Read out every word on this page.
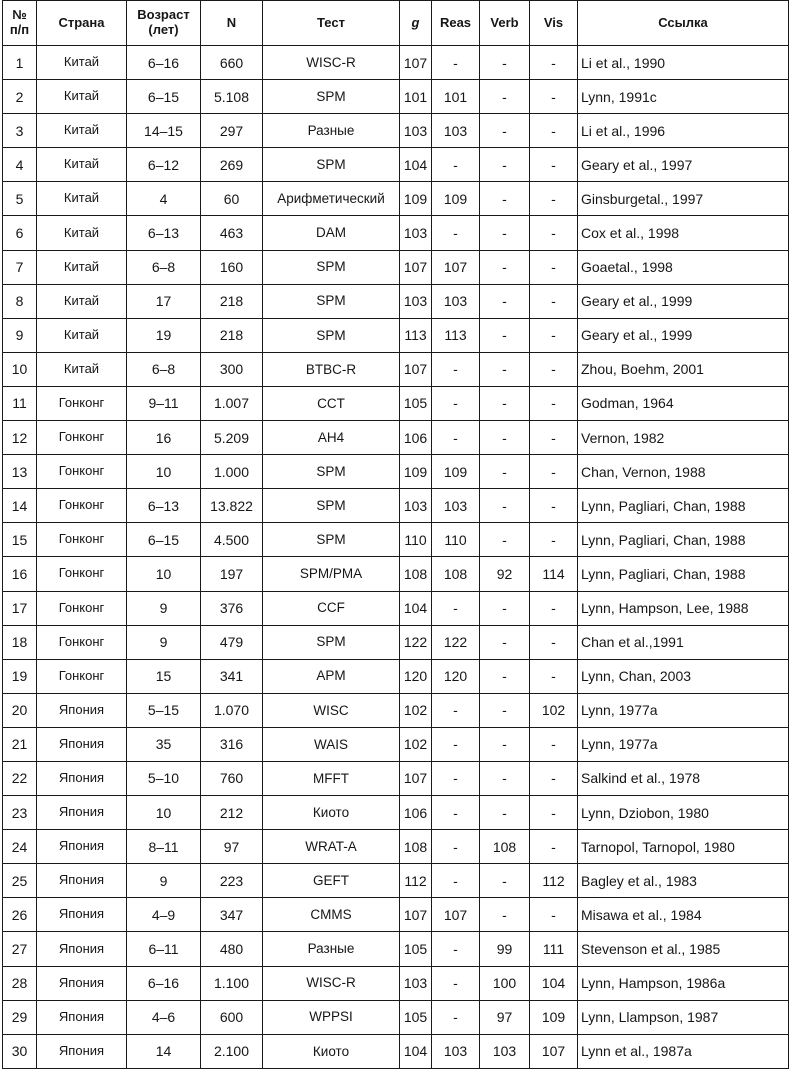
№ п/п	Страна	Возраст (лет)	N	Тест	g	Reas	Verb	Vis	Ссылка
1	Китай	6–16	660	WISC-R	107	-	-	-	Li et al., 1990
2	Китай	6–15	5.108	SPM	101	101	-	-	Lynn, 1991c
3	Китай	14–15	297	Разные	103	103	-	-	Li et al., 1996
4	Китай	6–12	269	SPM	104	-	-	-	Geary et al., 1997
5	Китай	4	60	Арифметический	109	109	-	-	Ginsburgetal., 1997
6	Китай	6–13	463	DAM	103	-	-	-	Cox et al., 1998
7	Китай	6–8	160	SPM	107	107	-	-	Goaetal., 1998
8	Китай	17	218	SPM	103	103	-	-	Geary et al., 1999
9	Китай	19	218	SPM	113	113	-	-	Geary et al., 1999
10	Китай	6–8	300	BTBC-R	107	-	-	-	Zhou, Boehm, 2001
11	Гонконг	9–11	1.007	CCT	105	-	-	-	Godman, 1964
12	Гонконг	16	5.209	AH4	106	-	-	-	Vernon, 1982
13	Гонконг	10	1.000	SPM	109	109	-	-	Chan, Vernon, 1988
14	Гонконг	6–13	13.822	SPM	103	103	-	-	Lynn, Pagliari, Chan, 1988
15	Гонконг	6–15	4.500	SPM	110	110	-	-	Lynn, Pagliari, Chan, 1988
16	Гонконг	10	197	SPM/PMA	108	108	92	114	Lynn, Pagliari, Chan, 1988
17	Гонконг	9	376	CCF	104	-	-	-	Lynn, Hampson, Lee, 1988
18	Гонконг	9	479	SPM	122	122	-	-	Chan et al.,1991
19	Гонконг	15	341	APM	120	120	-	-	Lynn, Chan, 2003
20	Япония	5–15	1.070	WISC	102	-	-	102	Lynn, 1977a
21	Япония	35	316	WAIS	102	-	-	-	Lynn, 1977a
22	Япония	5–10	760	MFFT	107	-	-	-	Salkind et al., 1978
23	Япония	10	212	Киото	106	-	-	-	Lynn, Dziobon, 1980
24	Япония	8–11	97	WRAT-A	108	-	108	-	Tarnopol, Tarnopol, 1980
25	Япония	9	223	GEFT	112	-	-	112	Bagley et al., 1983
26	Япония	4–9	347	CMMS	107	107	-	-	Misawa et al., 1984
27	Япония	6–11	480	Разные	105	-	99	111	Stevenson et al., 1985
28	Япония	6–16	1.100	WISC-R	103	-	100	104	Lynn, Hampson, 1986a
29	Япония	4–6	600	WPPSI	105	-	97	109	Lynn, Llampson, 1987
30	Япония	14	2.100	Киото	104	103	103	107	Lynn et al., 1987a
